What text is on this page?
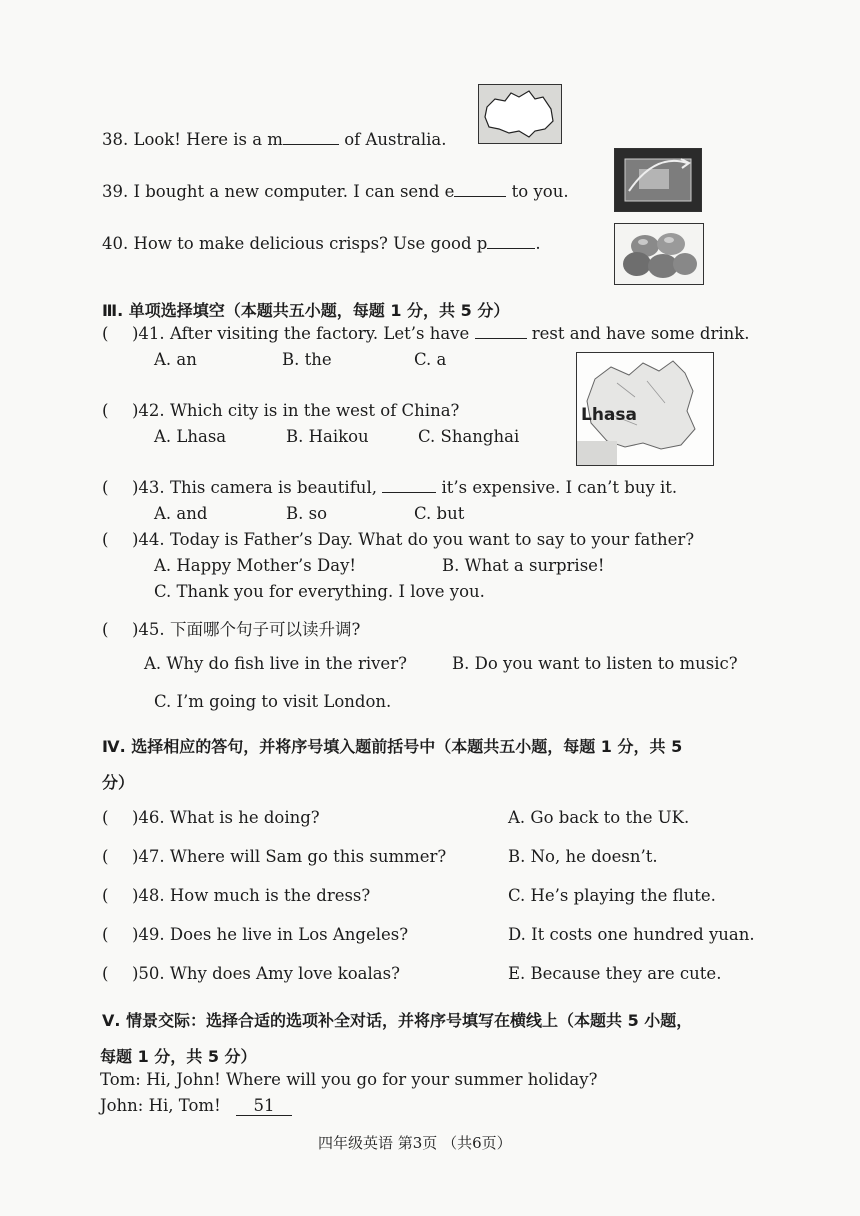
38. Look! Here is a m	of Australia.
39. I bought a new computer. I can send e	to you.
40. How to make delicious crisps? Use good p	.
Ⅲ. 单项选择填空（本题共五小题，每题 1 分，共 5 分）
( )41. After visiting the factory. Let’s have	rest and have some drink.
A. an	B. the	C. a
Lhasa
( )42. Which city is in the west of China?
A. Lhasa	B. Haikou	C. Shanghai
( )43. This camera is beautiful,	it’s expensive. I can’t buy it.
A. and	B. so	C. but
( )44. Today is Father’s Day. What do you want to say to your father?
A. Happy Mother’s Day!	B. What a surprise!
C. Thank you for everything. I love you.
( )45. 下面哪个句子可以读升调?
A. Why do fish live in the river?	B. Do you want to listen to music?
C. I’m going to visit London.
Ⅳ. 选择相应的答句，并将序号填入题前括号中（本题共五小题，每题 1 分，共 5
分）
( )46. What is he doing?	A. Go back to the UK.
( )47. Where will Sam go this summer?	B. No, he doesn’t.
( )48. How much is the dress?	C. He’s playing the flute.
( )49. Does he live in Los Angeles?	D. It costs one hundred yuan.
( )50. Why does Amy love koalas?	E. Because they are cute.
Ⅴ. 情景交际：选择合适的选项补全对话，并将序号填写在横线上（本题共 5 小题，
每题 1 分，共 5 分）
Tom: Hi, John! Where will you go for your summer holiday?
John: Hi, Tom! 51
四年级英语 第3页 （共6页）
